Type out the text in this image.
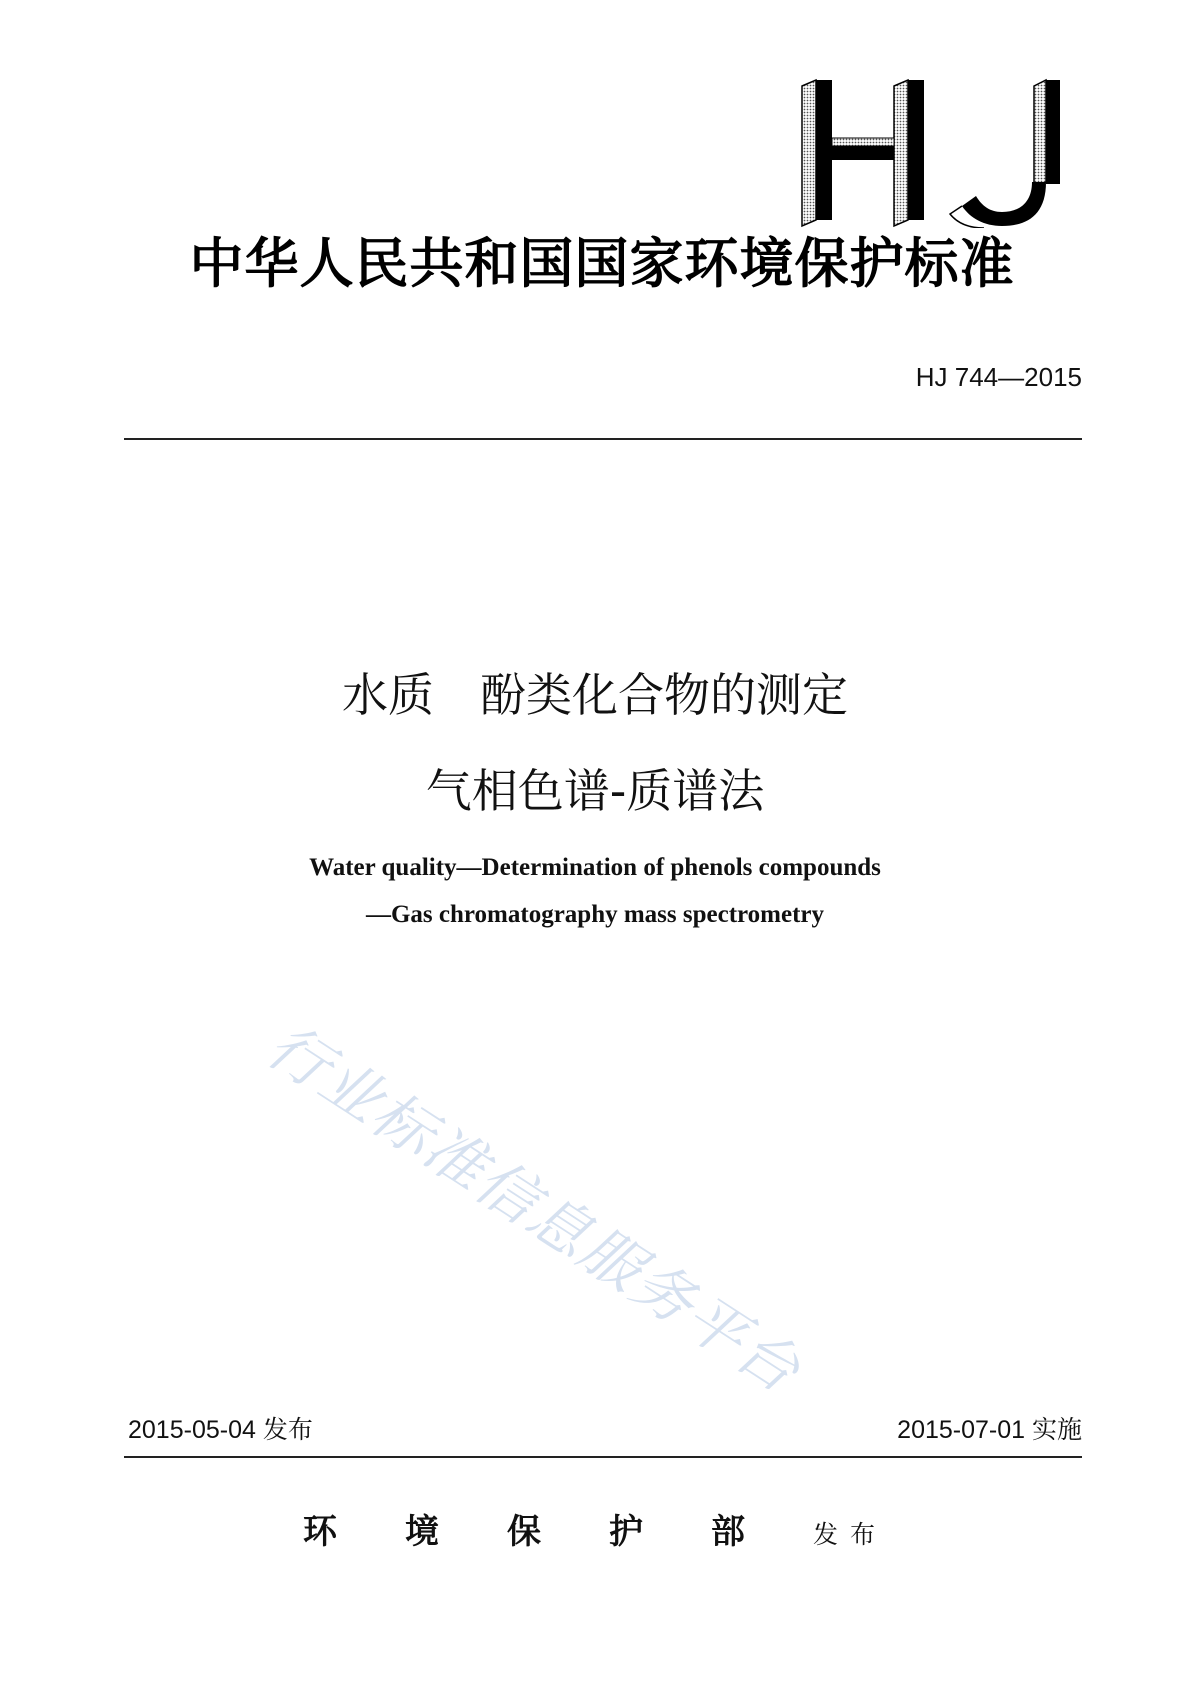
中华人民共和国国家环境保护标准
HJ 744—2015
水质 酚类化合物的测定
气相色谱-质谱法
Water quality—Determination of phenols compounds
—Gas chromatography mass spectrometry
行业标准信息服务平台
2015-05-04 发布	2015-07-01 实施
环境保护部发布
